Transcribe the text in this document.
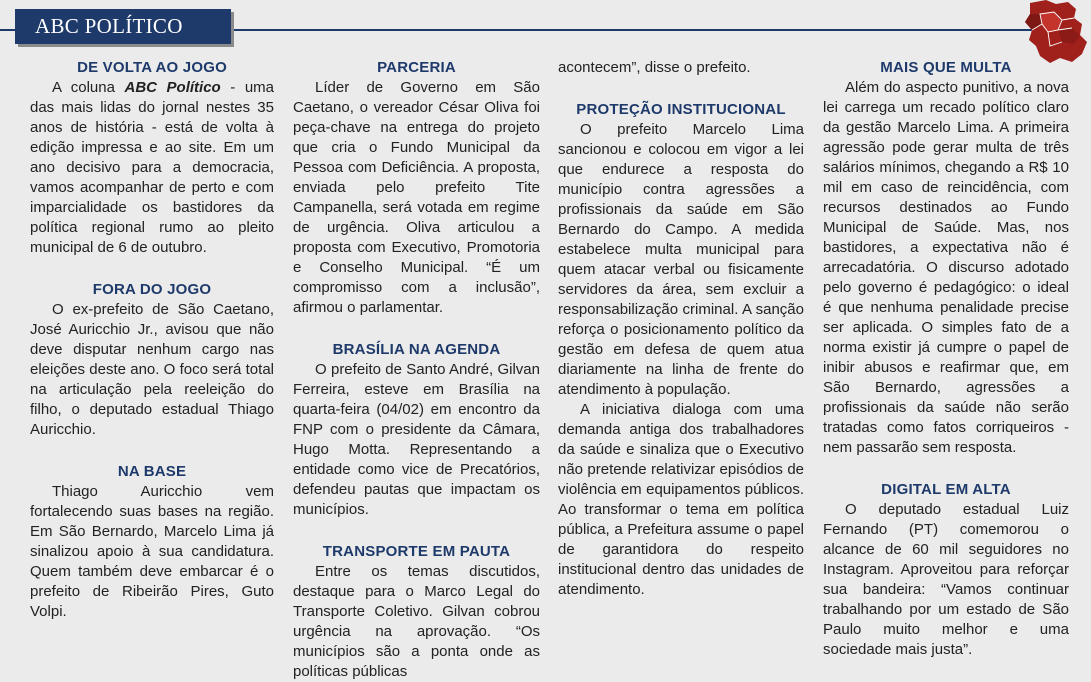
ABC POLÍTICO
DE VOLTA AO JOGO

A coluna ABC Político - uma das mais lidas do jornal nestes 35 anos de história - está de volta à edição impressa e ao site. Em um ano decisivo para a democracia, vamos acompanhar de perto e com imparcialidade os bastidores da política regional rumo ao pleito municipal de 6 de outubro.

FORA DO JOGO

O ex-prefeito de São Caetano, José Auricchio Jr., avisou que não deve disputar nenhum cargo nas eleições deste ano. O foco será total na articulação pela reeleição do filho, o deputado estadual Thiago Auricchio.

NA BASE

Thiago Auricchio vem fortalecendo suas bases na região. Em São Bernardo, Marcelo Lima já sinalizou apoio à sua candidatura. Quem também deve embarcar é o prefeito de Ribeirão Pires, Guto Volpi.

PARCERIA

Líder de Governo em São Caetano, o vereador César Oliva foi peça-chave na entrega do projeto que cria o Fundo Municipal da Pessoa com Deficiência. A proposta, enviada pelo prefeito Tite Campanella, será votada em regime de urgência. Oliva articulou a proposta com Executivo, Promotoria e Conselho Municipal. “É um compromisso com a inclusão”, afirmou o parlamentar.

BRASÍLIA NA AGENDA

O prefeito de Santo André, Gilvan Ferreira, esteve em Brasília na quarta-feira (04/02) em encontro da FNP com o presidente da Câmara, Hugo Motta. Representando a entidade como vice de Precatórios, defendeu pautas que impactam os municípios.

TRANSPORTE EM PAUTA

Entre os temas discutidos, destaque para o Marco Legal do Transporte Coletivo. Gilvan cobrou urgência na aprovação. “Os municípios são a ponta onde as políticas públicas

acontecem”, disse o prefeito.

PROTEÇÃO INSTITUCIONAL

O prefeito Marcelo Lima sancionou e colocou em vigor a lei que endurece a resposta do município contra agressões a profissionais da saúde em São Bernardo do Campo. A medida estabelece multa municipal para quem atacar verbal ou fisicamente servidores da área, sem excluir a responsabilização criminal. A sanção reforça o posicionamento político da gestão em defesa de quem atua diariamente na linha de frente do atendimento à população.

A iniciativa dialoga com uma demanda antiga dos trabalhadores da saúde e sinaliza que o Executivo não pretende relativizar episódios de violência em equipamentos públicos. Ao transformar o tema em política pública, a Prefeitura assume o papel de garantidora do respeito institucional dentro das unidades de atendimento.

MAIS QUE MULTA

Além do aspecto punitivo, a nova lei carrega um recado político claro da gestão Marcelo Lima. A primeira agressão pode gerar multa de três salários mínimos, chegando a R$ 10 mil em caso de reincidência, com recursos destinados ao Fundo Municipal de Saúde. Mas, nos bastidores, a expectativa não é arrecadatória. O discurso adotado pelo governo é pedagógico: o ideal é que nenhuma penalidade precise ser aplicada. O simples fato de a norma existir já cumpre o papel de inibir abusos e reafirmar que, em São Bernardo, agressões a profissionais da saúde não serão tratadas como fatos corriqueiros - nem passarão sem resposta.

DIGITAL EM ALTA

O deputado estadual Luiz Fernando (PT) comemorou o alcance de 60 mil seguidores no Instagram. Aproveitou para reforçar sua bandeira: “Vamos continuar trabalhando por um estado de São Paulo muito melhor e uma sociedade mais justa”.
